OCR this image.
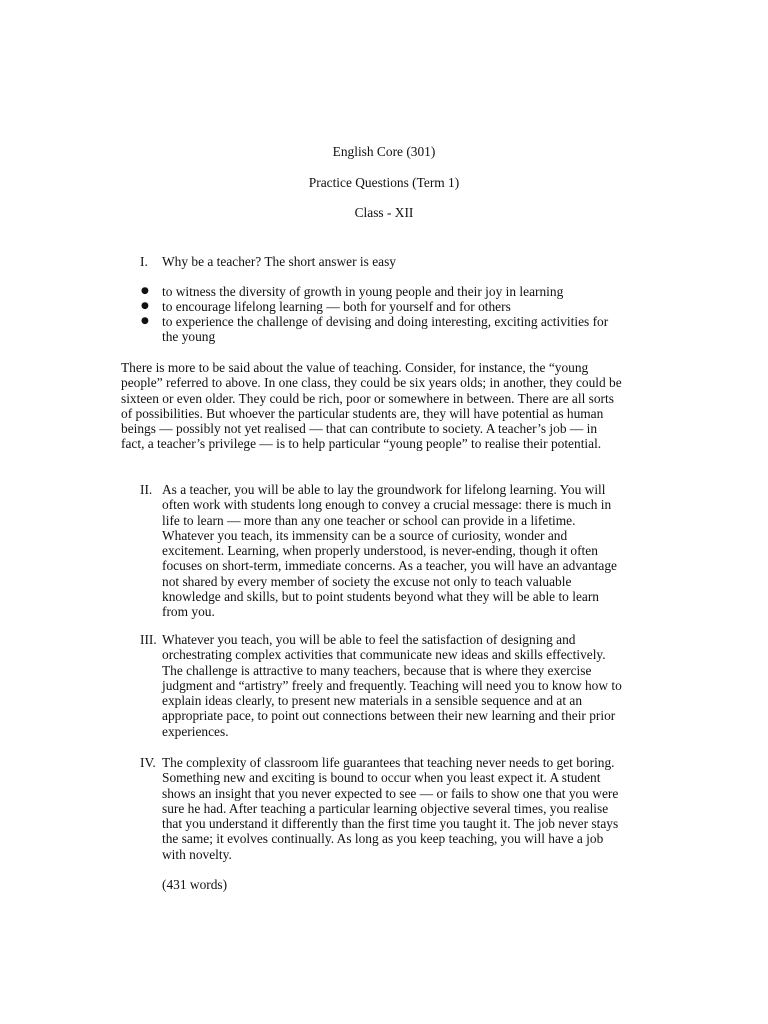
English Core (301)
Practice Questions (Term 1)
Class - XII
I.	Why be a teacher? The short answer is easy
● to witness the diversity of growth in young people and their joy in learning
● to encourage lifelong learning — both for yourself and for others
● to experience the challenge of devising and doing interesting, exciting activities for
the young
There is more to be said about the value of teaching. Consider, for instance, the “young
people” referred to above. In one class, they could be six years olds; in another, they could be
sixteen or even older. They could be rich, poor or somewhere in between. There are all sorts
of possibilities. But whoever the particular students are, they will have potential as human
beings — possibly not yet realised — that can contribute to society. A teacher’s job — in
fact, a teacher’s privilege — is to help particular “young people” to realise their potential.
II. As a teacher, you will be able to lay the groundwork for lifelong learning. You will
often work with students long enough to convey a crucial message: there is much in
life to learn — more than any one teacher or school can provide in a lifetime.
Whatever you teach, its immensity can be a source of curiosity, wonder and
excitement. Learning, when properly understood, is never-ending, though it often
focuses on short-term, immediate concerns. As a teacher, you will have an advantage
not shared by every member of society the excuse not only to teach valuable
knowledge and skills, but to point students beyond what they will be able to learn
from you.
III. Whatever you teach, you will be able to feel the satisfaction of designing and
orchestrating complex activities that communicate new ideas and skills effectively.
The challenge is attractive to many teachers, because that is where they exercise
judgment and “artistry” freely and frequently. Teaching will need you to know how to
explain ideas clearly, to present new materials in a sensible sequence and at an
appropriate pace, to point out connections between their new learning and their prior
experiences.
IV. The complexity of classroom life guarantees that teaching never needs to get boring.
Something new and exciting is bound to occur when you least expect it. A student
shows an insight that you never expected to see — or fails to show one that you were
sure he had. After teaching a particular learning objective several times, you realise
that you understand it differently than the first time you taught it. The job never stays
the same; it evolves continually. As long as you keep teaching, you will have a job
with novelty.
(431 words)
